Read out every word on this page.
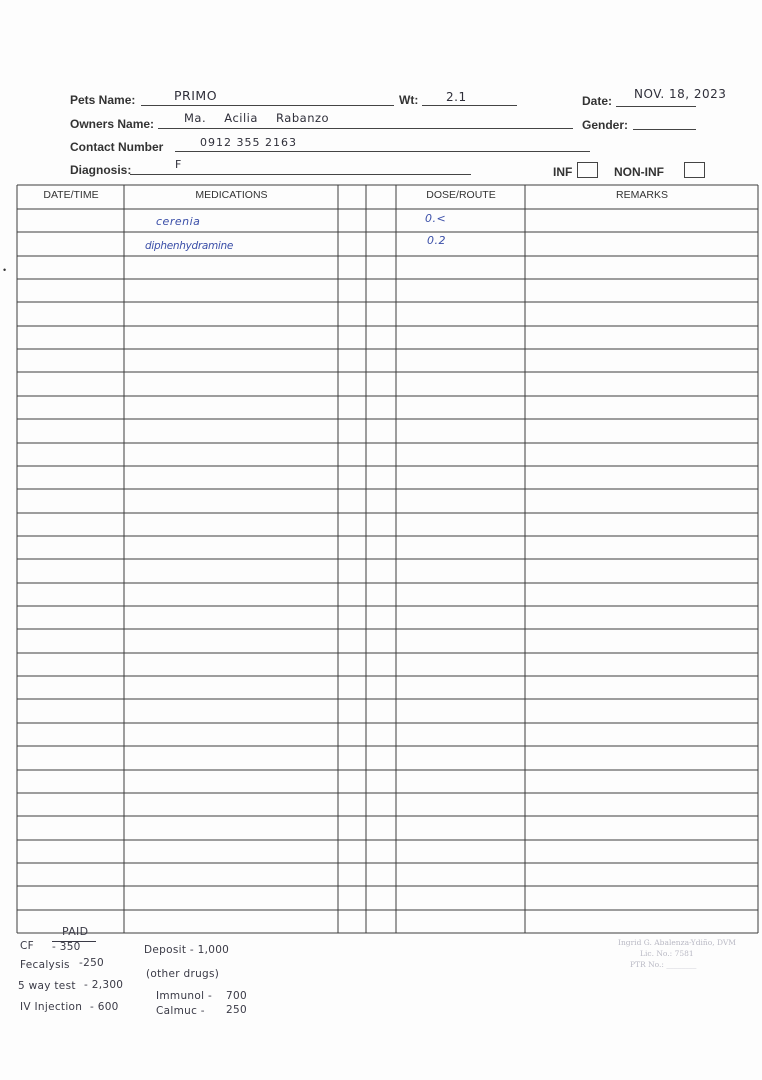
Pets Name:	PRIMO	Wt: 2.1	Date: NOV. 18, 2023
Owners Name:	Ma. Acilia Rabanzo	Gender:
Contact Number	0912 355 2163
Diagnosis:	F
INF	NON-INF
DATE/TIME	MEDICATIONS	DOSE/ROUTE	REMARKS
cerenia	0.<
diphenhydramine	0.2
PAID
CF - 350
Fecalysis -250
5 way test - 2,300
IV Injection - 600
Deposit - 1,000
(other drugs)
Immunol - 700
Calmuc - 250
Ingrid G. Abalenza-Ydiño, DVM
Lic. No.: 7581
PTR No.: ________
•
